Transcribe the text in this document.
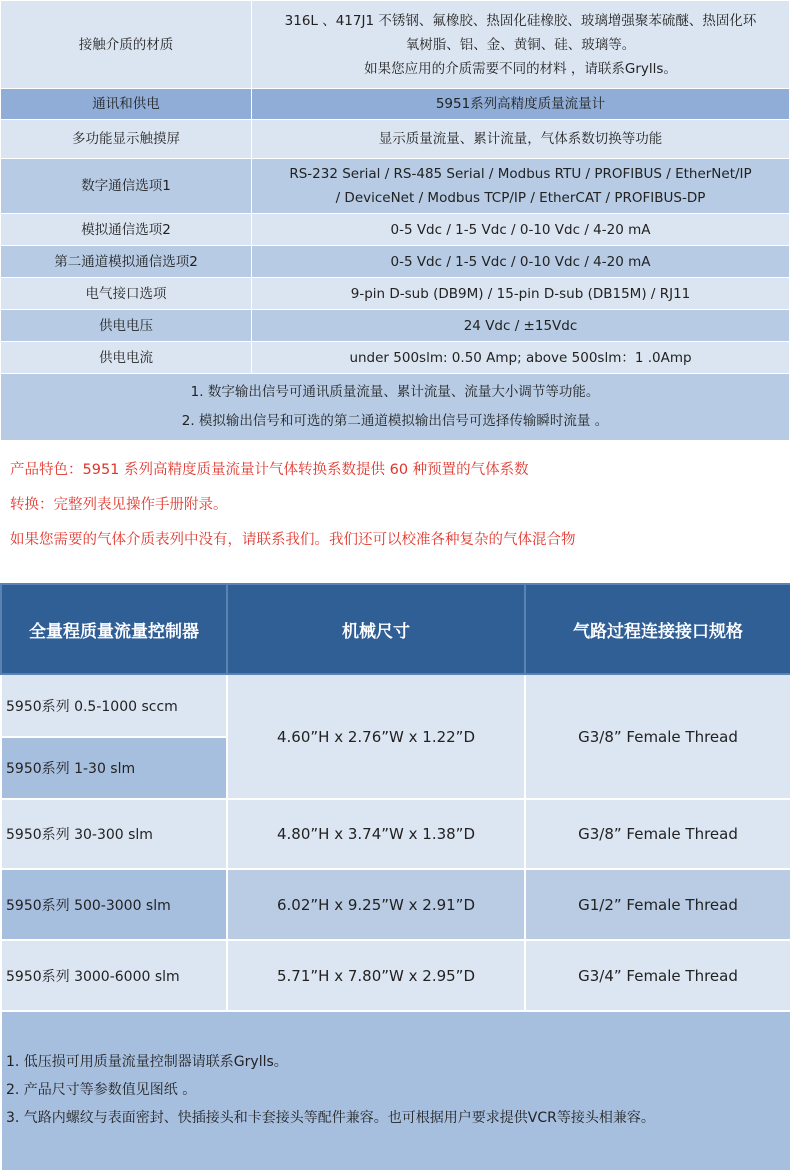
接触介质的材质	316L 、417J1 不锈钢、氟橡胶、热固化硅橡胶、玻璃增强聚苯硫醚、热固化环
氧树脂、铝、金、黄铜、硅、玻璃等。
如果您应用的介质需要不同的材料 ，请联系Grylls。

通讯和供电	5951系列高精度质量流量计
多功能显示触摸屏	显示质量流量、累计流量，气体系数切换等功能
数字通信选项1	RS-232 Serial / RS-485 Serial / Modbus RTU / PROFIBUS / EtherNet/IP
/ DeviceNet / Modbus TCP/IP / EtherCAT / PROFIBUS-DP

模拟通信选项2	0-5 Vdc / 1-5 Vdc / 0-10 Vdc / 4-20 mA
第二通道模拟通信选项2	0-5 Vdc / 1-5 Vdc / 0-10 Vdc / 4-20 mA
电气接口选项	9-pin D-sub (DB9M) / 15-pin D-sub (DB15M) / RJ11
供电电压	24 Vdc / ±15Vdc
供电电流	under 500slm: 0.50 Amp; above 500slm：1 .0Amp

1. 数字输出信号可通讯质量流量、累计流量、流量大小调节等功能。
2. 模拟输出信号和可选的第二通道模拟输出信号可选择传输瞬时流量 。	
产品特色：5951 系列高精度质量流量计气体转换系数提供 60 种预置的气体系数
转换：完整列表见操作手册附录。
如果您需要的气体介质表列中没有，请联系我们。我们还可以校准各种复杂的气体混合物
全量程质量流量控制器	机械尺寸	气路过程连接接口规格
5950系列 0.5-1000 sccm	4.60”H x 2.76”W x 1.22”D	G3/8” Female Thread
5950系列 1-30 slm		
5950系列 30-300 slm	4.80”H x 3.74”W x 1.38”D	G3/8” Female Thread
5950系列 500-3000 slm	6.02”H x 9.25”W x 2.91”D	G1/2” Female Thread
5950系列 3000-6000 slm	5.71”H x 7.80”W x 2.95”D	G3/4” Female Thread

1. 低压损可用质量流量控制器请联系Grylls。
2. 产品尺寸等参数值见图纸 。
3. 气路内螺纹与表面密封、快插接头和卡套接头等配件兼容。也可根据用户要求提供VCR等接头相兼容。		
